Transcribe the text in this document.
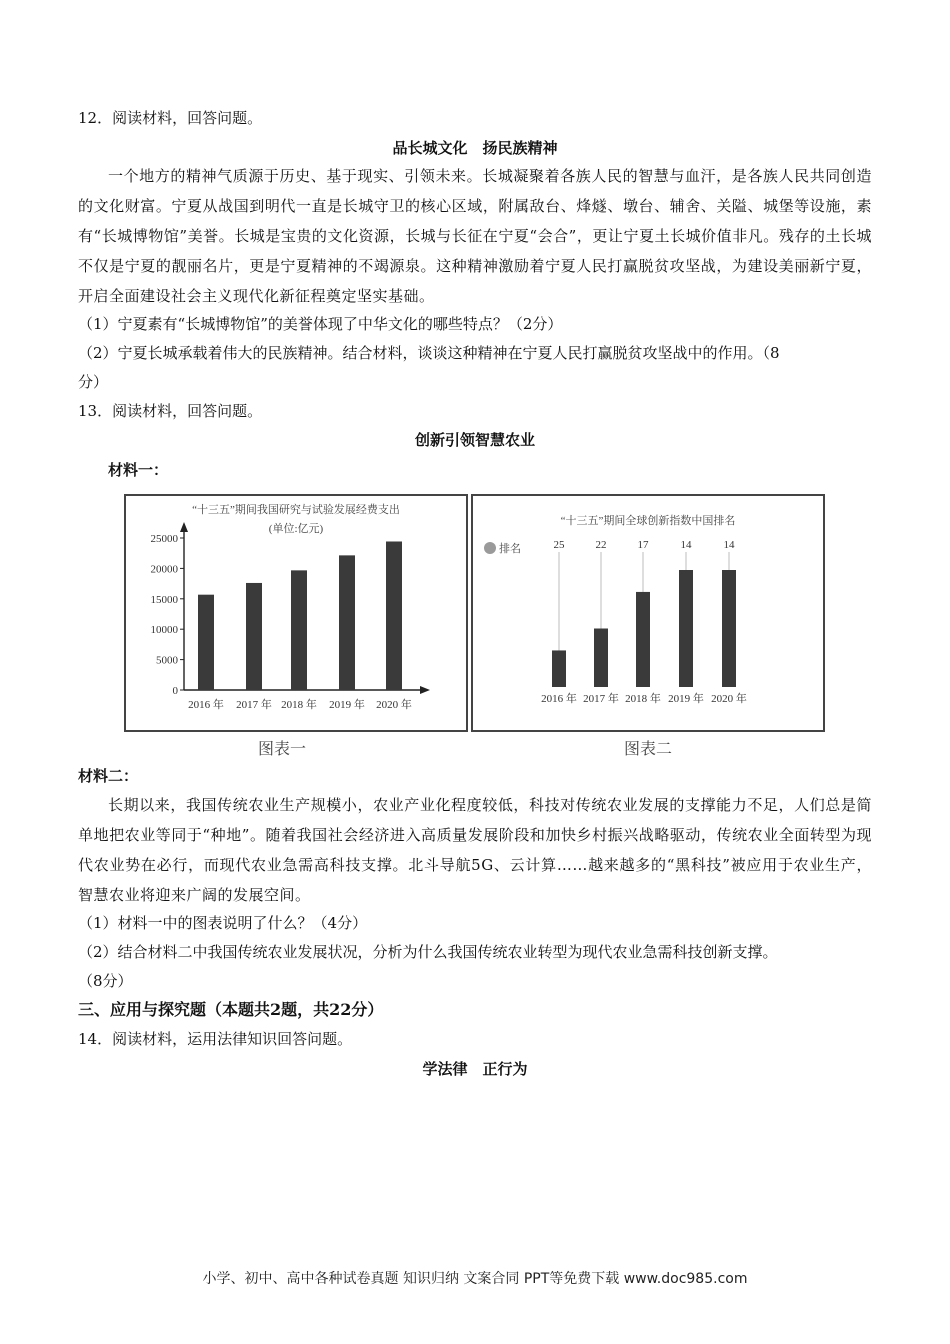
12．阅读材料，回答问题。
品长城文化　扬民族精神
一个地方的精神气质源于历史、基于现实、引领未来。长城凝聚着各族人民的智慧与血汗，是各族人民共同创造的文化财富。宁夏从战国到明代一直是长城守卫的核心区域，附属敌台、烽燧、墩台、辅舍、关隘、城堡等设施，素有“长城博物馆”美誉。长城是宝贵的文化资源，长城与长征在宁夏“会合”，更让宁夏土长城价值非凡。残存的土长城不仅是宁夏的靓丽名片，更是宁夏精神的不竭源泉。这种精神激励着宁夏人民打赢脱贫攻坚战，为建设美丽新宁夏，开启全面建设社会主义现代化新征程奠定坚实基础。
（1）宁夏素有“长城博物馆”的美誉体现了中华文化的哪些特点？（2分）
（2）宁夏长城承载着伟大的民族精神。结合材料，谈谈这种精神在宁夏人民打赢脱贫攻坚战中的作用。（8
分）
13．阅读材料，回答问题。
创新引领智慧农业
材料一：
“十三五”期间我国研究与试验发展经费支出
(单位:亿元)
0
5000
10000
15000
20000
25000
2016 年 2017 年 2018 年 2019 年 2020 年
图表一
“十三五”期间全球创新指数中国排名
排名	25
2016 年
22
2017 年
17
2018 年
14
2019 年
14
2020 年
图表二
材料二：
长期以来，我国传统农业生产规模小，农业产业化程度较低，科技对传统农业发展的支撑能力不足，人们总是简单地把农业等同于“种地”。随着我国社会经济进入高质量发展阶段和加快乡村振兴战略驱动，传统农业全面转型为现代农业势在必行，而现代农业急需高科技支撑。北斗导航5G、云计算……越来越多的“黑科技”被应用于农业生产，智慧农业将迎来广阔的发展空间。
（1）材料一中的图表说明了什么？（4分）
（2）结合材料二中我国传统农业发展状况，分析为什么我国传统农业转型为现代农业急需科技创新支撑。
（8分）
三、应用与探究题（本题共2题，共22分）
14．阅读材料，运用法律知识回答问题。
学法律　正行为
小学、初中、高中各种试卷真题 知识归纳 文案合同 PPT等免费下载 www.doc985.com
